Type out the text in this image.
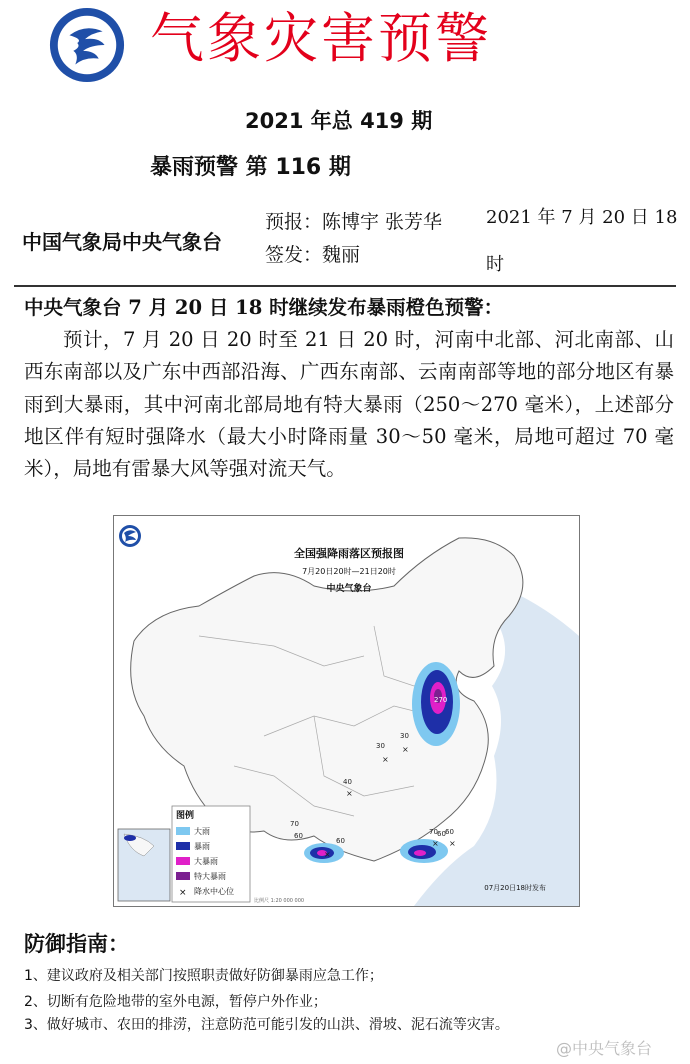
气象灾害预警
2021 年总 419 期
暴雨预警 第 116 期
中国气象局中央气象台
预报：陈博宇 张芳华
签发：魏丽
2021 年 7 月 20 日 18
时
中央气象台 7 月 20 日 18 时继续发布暴雨橙色预警：
预计，7 月 20 日 20 时至 21 日 20 时，河南中北部、河北南部、山西东南部以及广东中西部沿海、广西东南部、云南南部等地的部分地区有暴雨到大暴雨，其中河南北部局地有特大暴雨（250～270 毫米），上述部分地区伴有短时强降水（最大小时降雨量 30～50 毫米，局地可超过 70 毫米），局地有雷暴大风等强对流天气。
270
60
70
60
30
30
40
60	70 60
×
×
×
×
× ×
全国强降雨落区预报图
7月20日20时—21日20时
中央气象台
图例
大雨
暴雨
大暴雨
特大暴雨
× 降水中心位	07月20日18时发布
比例尺 1:20 000 000
防御指南：
1、建议政府及相关部门按照职责做好防御暴雨应急工作；
2、切断有危险地带的室外电源，暂停户外作业；
3、做好城市、农田的排涝，注意防范可能引发的山洪、滑坡、泥石流等灾害。
@中央气象台
